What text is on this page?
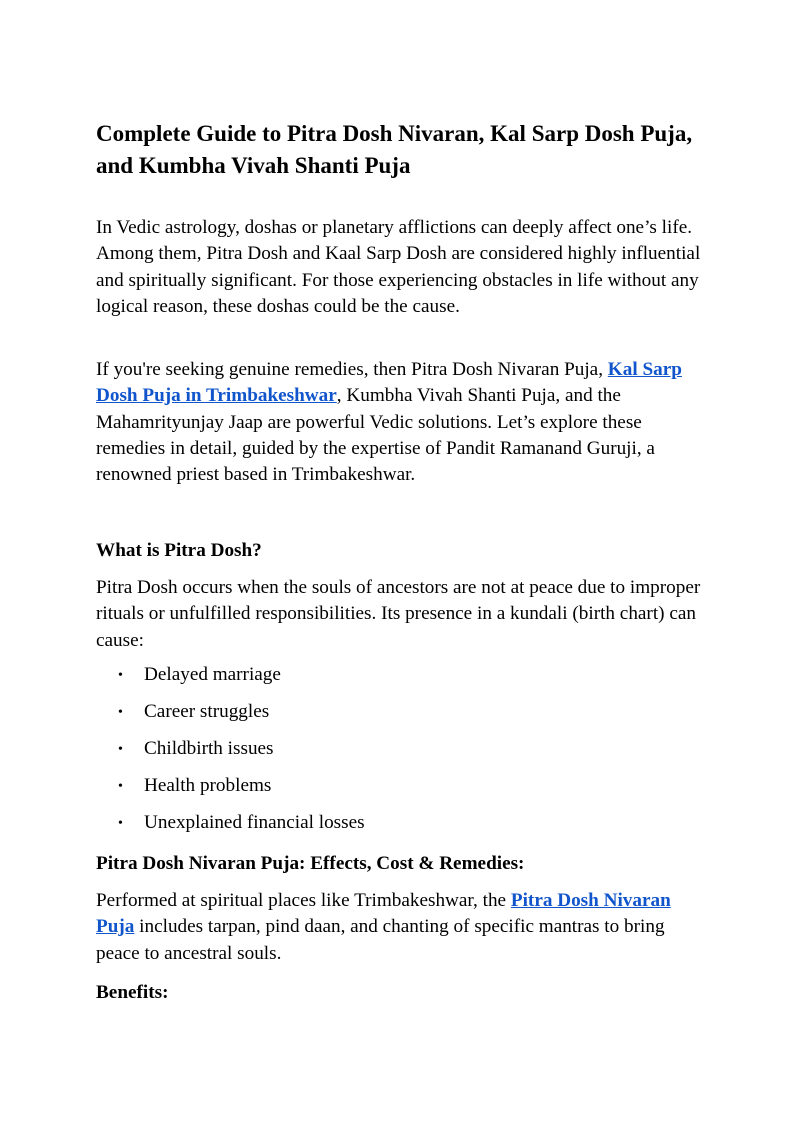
Complete Guide to Pitra Dosh Nivaran, Kal Sarp Dosh Puja, and Kumbha Vivah Shanti Puja

In Vedic astrology, doshas or planetary afflictions can deeply affect one’s life. Among them, Pitra Dosh and Kaal Sarp Dosh are considered highly influential and spiritually significant. For those experiencing obstacles in life without any logical reason, these doshas could be the cause.

If you're seeking genuine remedies, then Pitra Dosh Nivaran Puja, Kal Sarp Dosh Puja in Trimbakeshwar, Kumbha Vivah Shanti Puja, and the Mahamrityunjay Jaap are powerful Vedic solutions. Let’s explore these remedies in detail, guided by the expertise of Pandit Ramanand Guruji, a renowned priest based in Trimbakeshwar.

What is Pitra Dosh?

Pitra Dosh occurs when the souls of ancestors are not at peace due to improper rituals or unfulfilled responsibilities. Its presence in a kundali (birth chart) can cause:

• Delayed marriage
• Career struggles
• Childbirth issues
• Health problems
• Unexplained financial losses
Pitra Dosh Nivaran Puja: Effects, Cost & Remedies:

Performed at spiritual places like Trimbakeshwar, the Pitra Dosh Nivaran Puja includes tarpan, pind daan, and chanting of specific mantras to bring peace to ancestral souls.

Benefits:
